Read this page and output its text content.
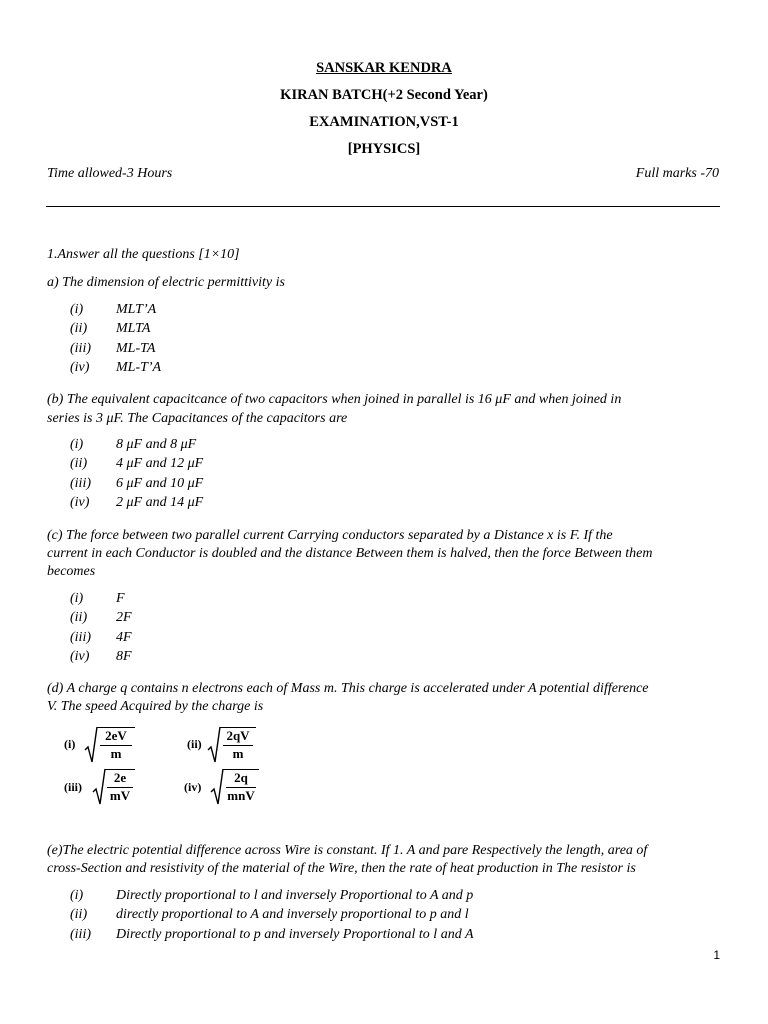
SANSKAR KENDRA
KIRAN BATCH(+2 Second Year)
EXAMINATION,VST-1
[PHYSICS]
Time allowed-3 Hours	Full marks -70
1.Answer all the questions [1×10]
a) The dimension of electric permittivity is
(i) MLT’A
(ii) MLTA
(iii) ML-TA
(iv) ML-T’A
(b) The equivalent capacitcance of two capacitors when joined in parallel is 16 μF and when joined in
series is 3 μF. The Capacitances of the capacitors are
(i) 8 μF and 8 μF
(ii) 4 μF and 12 μF
(iii) 6 μF and 10 μF
(iv) 2 μF and 14 μF
(c) The force between two parallel current Carrying conductors separated by a Distance x is F. If the
current in each Conductor is doubled and the distance Between them is halved, then the force Between them
becomes
(i) F
(ii) 2F
(iii) 4F
(iv) 8F
(d) A charge q contains n electrons each of Mass m. This charge is accelerated under A potential difference
V. The speed Acquired by the charge is
(i)
2eV
m
(ii)
2qV
m
(iii)
2e
mV
(iv)
2q
mnV
(e)The electric potential difference across Wire is constant. If 1. A and pare Respectively the length, area of
cross-Section and resistivity of the material of the Wire, then the rate of heat production in The resistor is
(i) Directly proportional to l and inversely Proportional to A and p
(ii) directly proportional to A and inversely proportional to p and l
(iii) Directly proportional to p and inversely Proportional to l and A
1
